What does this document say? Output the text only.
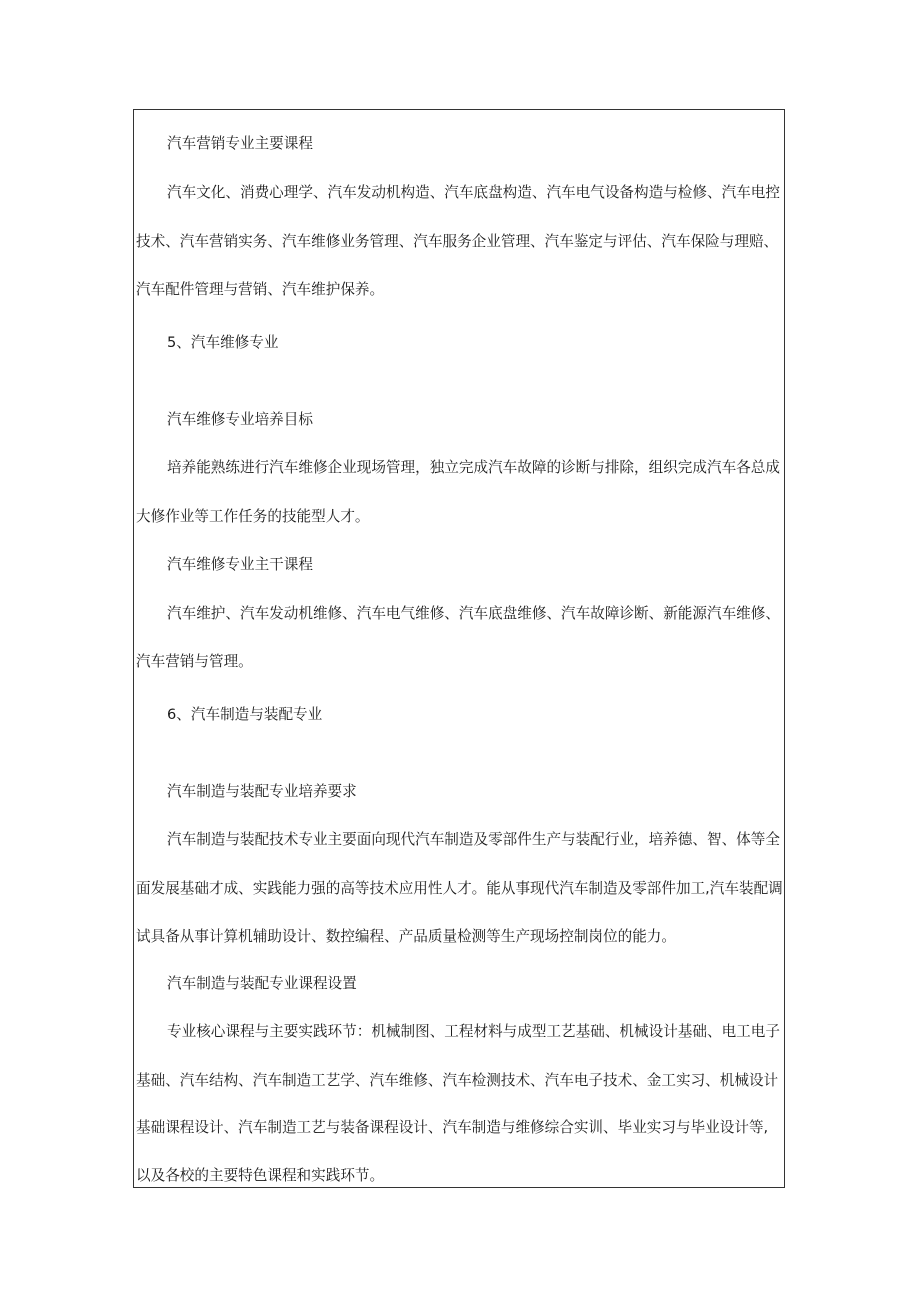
汽车营销专业主要课程
汽车文化、消费心理学、汽车发动机构造、汽车底盘构造、汽车电气设备构造与检修、汽车电控
技术、汽车营销实务、汽车维修业务管理、汽车服务企业管理、汽车鉴定与评估、汽车保险与理赔、
汽车配件管理与营销、汽车维护保养。
5、汽车维修专业
汽车维修专业培养目标
培养能熟练进行汽车维修企业现场管理，独立完成汽车故障的诊断与排除，组织完成汽车各总成
大修作业等工作任务的技能型人才。
汽车维修专业主干课程
汽车维护、汽车发动机维修、汽车电气维修、汽车底盘维修、汽车故障诊断、新能源汽车维修、
汽车营销与管理。
6、汽车制造与装配专业
汽车制造与装配专业培养要求
汽车制造与装配技术专业主要面向现代汽车制造及零部件生产与装配行业，培养德、智、体等全
面发展基础才成、实践能力强的高等技术应用性人才。能从事现代汽车制造及零部件加工,汽车装配调
试具备从事计算机辅助设计、数控编程、产品质量检测等生产现场控制岗位的能力。
汽车制造与装配专业课程设置
专业核心课程与主要实践环节：机械制图、工程材料与成型工艺基础、机械设计基础、电工电子
基础、汽车结构、汽车制造工艺学、汽车维修、汽车检测技术、汽车电子技术、金工实习、机械设计
基础课程设计、汽车制造工艺与装备课程设计、汽车制造与维修综合实训、毕业实习与毕业设计等,
以及各校的主要特色课程和实践环节。
